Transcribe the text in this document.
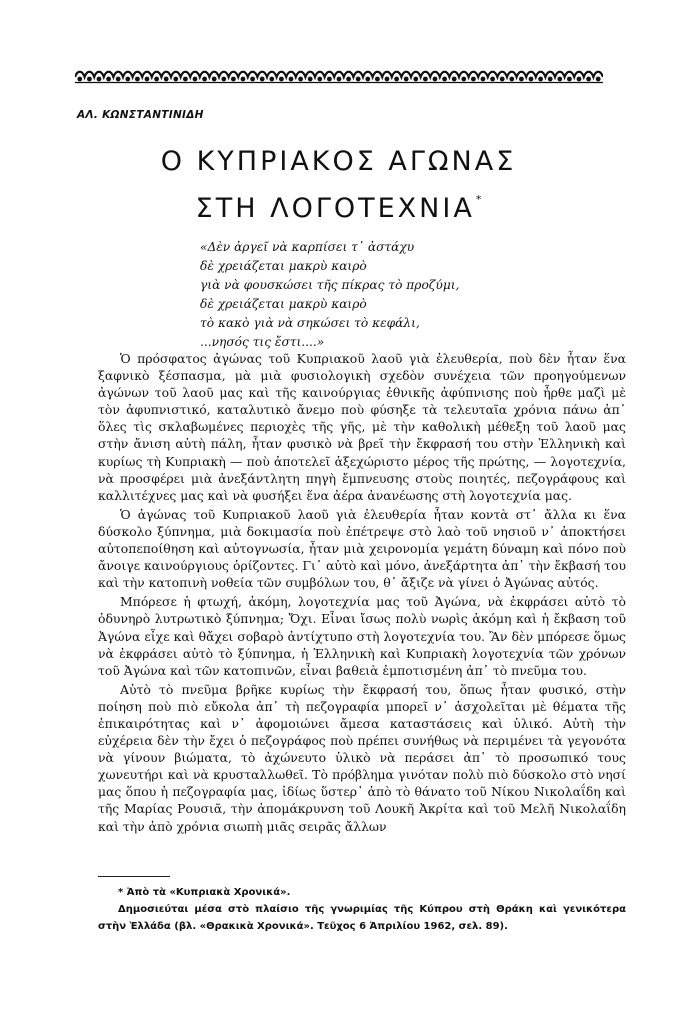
ΑΛ. ΚΩΝΣΤΑΝΤΙΝΙΔΗ
Ο ΚΥΠΡΙΑΚΟΣ ΑΓΩΝΑΣ
ΣΤΗ ΛΟΓΟΤΕΧΝΙΑ*
«Δὲν ἀργεῖ νὰ καρπίσει τ᾿ ἀστάχυ
δὲ χρειάζεται μακρὺ καιρὸ
γιὰ νὰ φουσκώσει τῆς πίκρας τὸ προζύμι,
δὲ χρειάζεται μακρὺ καιρὸ
τὸ κακὸ γιὰ νὰ σηκώσει τὸ κεφάλι,
...νησός τις ἔστι....»

Ὁ πρόσφατος ἀγώνας τοῦ Κυπριακοῦ λαοῦ γιὰ ἐλευθερία, ποὺ δὲν ἦταν ἕνα ξαφνικὸ ξέσπασμα, μὰ μιὰ φυσιολογικὴ σχεδὸν συνέχεια τῶν προηγούμενων ἀγώνων τοῦ λαοῦ μας καὶ τῆς καινούργιας ἐθνικῆς ἀφύπνισης ποὺ ἦρθε μαζὶ μὲ τὸν ἀφυπνιστικό, καταλυτικὸ ἄνεμο ποὺ φύσηξε τὰ τελευταῖα χρόνια πάνω ἀπ᾿ ὅλες τὶς σκλαβωμένες περιοχὲς τῆς γῆς, μὲ τὴν καθολικὴ μέθεξη τοῦ λαοῦ μας στὴν ἄνιση αὐτὴ πάλη, ἦταν φυσικὸ νὰ βρεῖ τὴν ἔκφρασή του στὴν Ἑλληνικὴ καὶ κυρίως τὴ Κυπριακὴ — ποὺ ἀποτελεῖ ἀξεχώριστο μέρος τῆς πρώτης, — λογοτεχνία, νὰ προσφέρει μιὰ ἀνεξάντλητη πηγὴ ἔμπνευσης στοὺς ποιητές, πεζογράφους καὶ καλλιτέχνες μας καὶ νὰ φυσήξει ἕνα ἀέρα ἀνανέωσης στὴ λογοτεχνία μας.

Ὁ ἀγώνας τοῦ Κυπριακοῦ λαοῦ γιὰ ἐλευθερία ἦταν κοντὰ στ᾿ ἄλλα κι ἕνα δύσκολο ξύπνημα, μιὰ δοκιμασία ποὺ ἐπέτρεψε στὸ λαὸ τοῦ νησιοῦ ν᾿ ἀποκτήσει αὐτοπεποίθηση καὶ αὐτογνωσία, ἦταν μιὰ χειρονομία γεμάτη δύναμη καὶ πόνο ποὺ ἄνοιγε καινούργιους ὁρίζοντες. Γι᾿ αὐτὸ καὶ μόνο, ἀνεξάρτητα ἀπ᾿ τὴν ἔκβασή του καὶ τὴν κατοπινὴ νοθεία τῶν συμβόλων του, θ᾿ ἄξιζε νὰ γίνει ὁ Ἀγώνας αὐτός.

Μπόρεσε ἡ φτωχή, ἀκόμη, λογοτεχνία μας τοῦ Ἀγώνα, νὰ ἐκφράσει αὐτὸ τὸ ὀδυνηρὸ λυτρωτικὸ ξύπνημα; Ὄχι. Εἶναι ἴσως πολὺ νωρὶς ἀκόμη καὶ ἡ ἔκβαση τοῦ Ἀγώνα εἶχε καὶ θἄχει σοβαρὸ ἀντίχτυπο στὴ λογοτεχνία του. Ἂν δὲν μπόρεσε ὅμως νὰ ἐκφράσει αὐτὸ τὸ ξύπνημα, ἡ Ἑλληνικὴ καὶ Κυπριακὴ λογοτεχνία τῶν χρόνων τοῦ Ἀγώνα καὶ τῶν κατοπινῶν, εἶναι βαθειὰ ἐμποτισμένη ἀπ᾿ τὸ πνεῦμα του.

Αὐτὸ τὸ πνεῦμα βρῆκε κυρίως τὴν ἔκφρασή του, ὅπως ἦταν φυσικό, στὴν ποίηση ποὺ πιὸ εὔκολα ἀπ᾿ τὴ πεζογραφία μπορεῖ ν᾿ ἀσχολεῖται μὲ θέματα τῆς ἐπικαιρότητας καὶ ν᾿ ἀφομοιώνει ἄμεσα καταστάσεις καὶ ὑλικό. Αὐτὴ τὴν εὐχέρεια δὲν τὴν ἔχει ὁ πεζογράφος ποὺ πρέπει συνήθως νὰ περιμένει τὰ γεγονότα νὰ γίνουν βιώματα, τὸ ἀχώνευτο ὑλικὸ νὰ περάσει ἀπ᾿ τὸ προσωπικό τους χωνευτήρι καὶ νὰ κρυσταλλωθεῖ. Τὸ πρόβλημα γινόταν πολὺ πιὸ δύσκολο στὸ νησί μας ὅπου ἡ πεζογραφία μας, ἰδίως ὕστερ᾿ ἀπὸ τὸ θάνατο τοῦ Νίκου Νικολαΐδη καὶ τῆς Μαρίας Ρουσιᾶ, τὴν ἀπομάκρυνση τοῦ Λουκῆ Ἀκρίτα καὶ τοῦ Μελῆ Νικολαΐδη καὶ τὴν ἀπὸ χρόνια σιωπὴ μιᾶς σειρᾶς ἄλλων

* Ἀπὸ τὰ «Κυπριακὰ Χρονικά».

Δημοσιεύται μέσα στὸ πλαίσιο τῆς γνωριμίας τῆς Κύπρου στὴ Θράκη καὶ γενικότερα στὴν Ἑλλάδα (βλ. «Θρακικὰ Χρονικά». Τεῦχος 6 Ἀπριλίου 1962, σελ. 89).
